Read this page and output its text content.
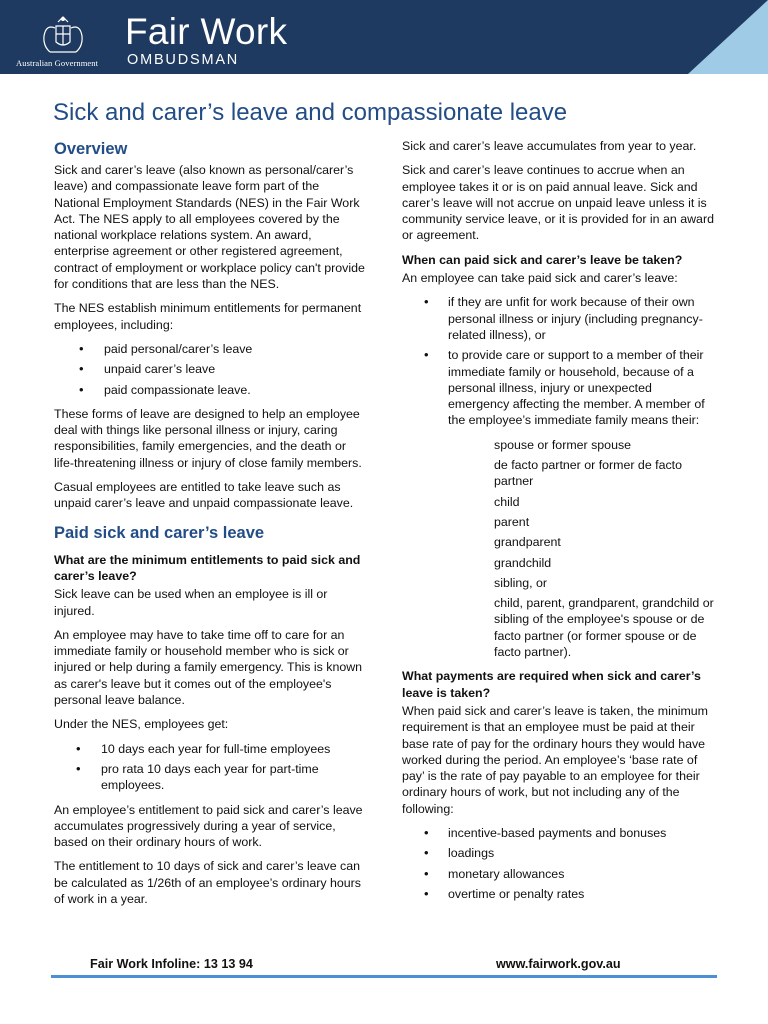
Australian Government
Fair Work
OMBUDSMAN
Sick and carer’s leave and compassionate leave
Overview

Sick and carer’s leave (also known as personal/carer’s leave) and compassionate leave form part of the National Employment Standards (NES) in the Fair Work Act. The NES apply to all employees covered by the national workplace relations system. An award, enterprise agreement or other registered agreement, contract of employment or workplace policy can't provide for conditions that are less than the NES.

The NES establish minimum entitlements for permanent employees, including:

• paid personal/carer’s leave
• unpaid carer’s leave
• paid compassionate leave.

These forms of leave are designed to help an employee deal with things like personal illness or injury, caring responsibilities, family emergencies, and the death or life-threatening illness or injury of close family members.

Casual employees are entitled to take leave such as unpaid carer’s leave and unpaid compassionate leave.

Paid sick and carer’s leave
What are the minimum entitlements to paid sick and carer’s leave?

Sick leave can be used when an employee is ill or injured.

An employee may have to take time off to care for an immediate family or household member who is sick or injured or help during a family emergency. This is known as carer's leave but it comes out of the employee's personal leave balance.

Under the NES, employees get:

• 10 days each year for full-time employees
• pro rata 10 days each year for part-time employees.

An employee’s entitlement to paid sick and carer’s leave accumulates progressively during a year of service, based on their ordinary hours of work.

The entitlement to 10 days of sick and carer’s leave can be calculated as 1/26th of an employee’s ordinary hours of work in a year.

Sick and carer’s leave accumulates from year to year.

Sick and carer’s leave continues to accrue when an employee takes it or is on paid annual leave. Sick and carer’s leave will not accrue on unpaid leave unless it is community service leave, or it is provided for in an award or agreement.

When can paid sick and carer’s leave be taken?

An employee can take paid sick and carer’s leave:

• if they are unfit for work because of their own personal illness or injury (including pregnancy-related illness), or
• to provide care or support to a member of their immediate family or household, because of a personal illness, injury or unexpected emergency affecting the member. A member of the employee’s immediate family means their:
spouse or former spouse
de facto partner or former de facto partner
child
parent
grandparent
grandchild
sibling, or
child, parent, grandparent, grandchild or sibling of the employee's spouse or de facto partner (or former spouse or de facto partner).
What payments are required when sick and carer’s leave is taken?

When paid sick and carer’s leave is taken, the minimum requirement is that an employee must be paid at their base rate of pay for the ordinary hours they would have worked during the period. An employee’s ‘base rate of pay’ is the rate of pay payable to an employee for their ordinary hours of work, but not including any of the following:

• incentive-based payments and bonuses
• loadings
• monetary allowances
• overtime or penalty rates
Fair Work Infoline: 13 13 94	www.fairwork.gov.au
